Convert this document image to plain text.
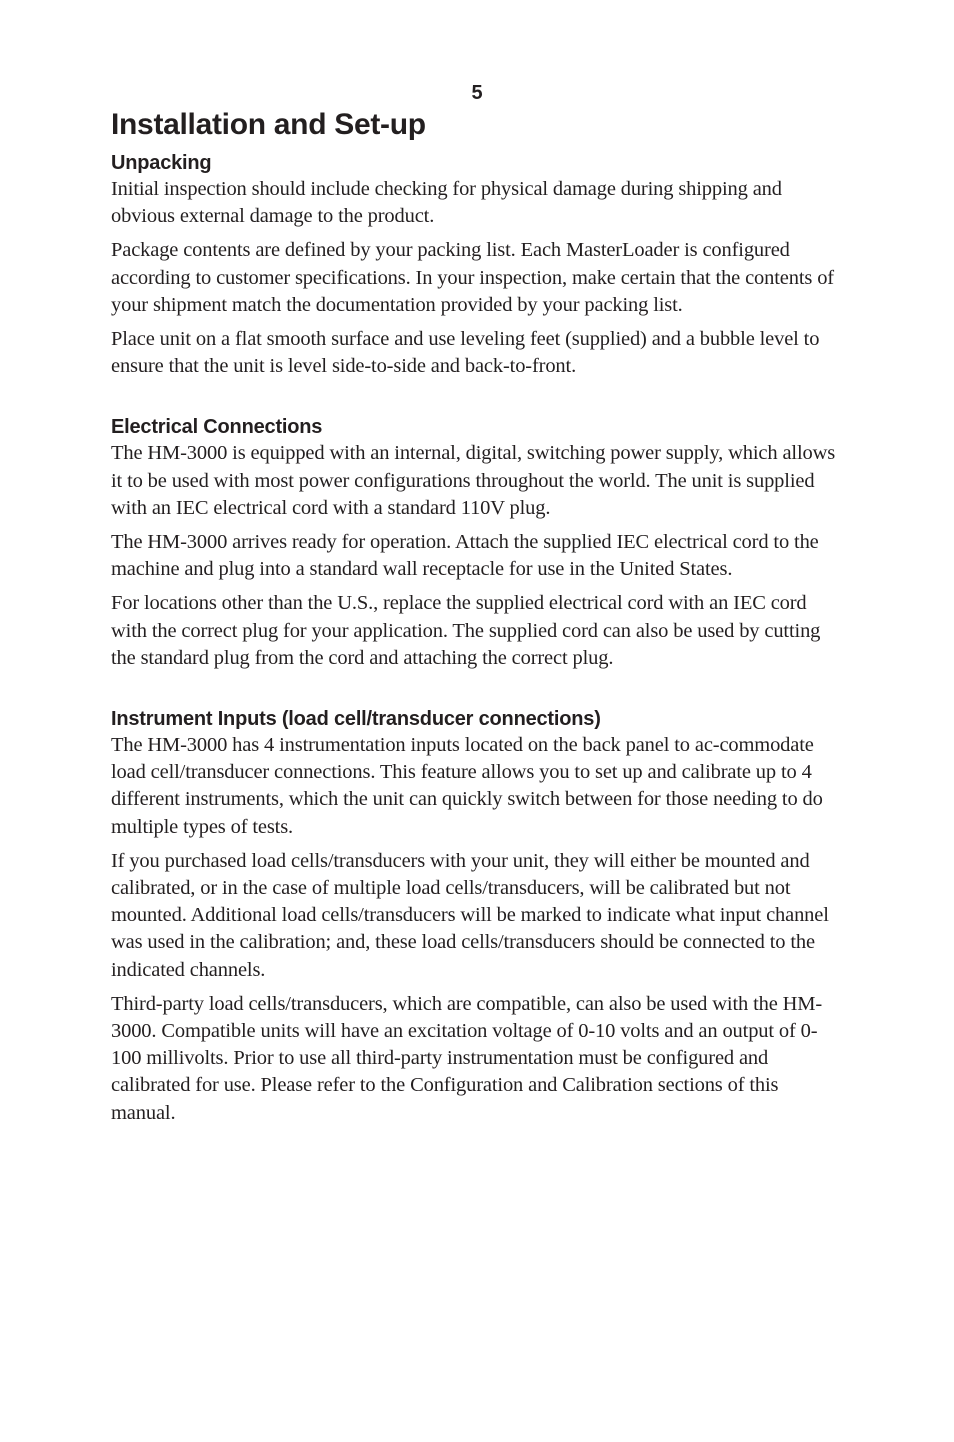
5
Installation and Set-up
Unpacking

Initial inspection should include checking for physical damage during shipping and obvious external damage to the product.

Package contents are defined by your packing list. Each MasterLoader is configured according to customer specifications. In your inspection, make certain that the contents of your shipment match the documentation provided by your packing list.

Place unit on a flat smooth surface and use leveling feet (supplied) and a bubble level to ensure that the unit is level side-to-side and back-to-front.

Electrical Connections

The HM-3000 is equipped with an internal, digital, switching power supply, which allows it to be used with most power configurations throughout the world. The unit is supplied with an IEC electrical cord with a standard 110V plug.

The HM-3000 arrives ready for operation. Attach the supplied IEC electrical cord to the machine and plug into a standard wall receptacle for use in the United States.

For locations other than the U.S., replace the supplied electrical cord with an IEC cord with the correct plug for your application. The supplied cord can also be used by cutting the standard plug from the cord and attaching the correct plug.

Instrument Inputs (load cell/transducer connections)

The HM-3000 has 4 instrumentation inputs located on the back panel to ac-commodate load cell/transducer connections. This feature allows you to set up and calibrate up to 4 different instruments, which the unit can quickly switch between for those needing to do multiple types of tests.

If you purchased load cells/transducers with your unit, they will either be mounted and calibrated, or in the case of multiple load cells/transducers, will be calibrated but not mounted. Additional load cells/transducers will be marked to indicate what input channel was used in the calibration; and, these load cells/transducers should be connected to the indicated channels.

Third-party load cells/transducers, which are compatible, can also be used with the HM-3000. Compatible units will have an excitation voltage of 0-10 volts and an output of 0-100 millivolts. Prior to use all third-party instrumentation must be configured and calibrated for use. Please refer to the Configuration and Calibration sections of this manual.
